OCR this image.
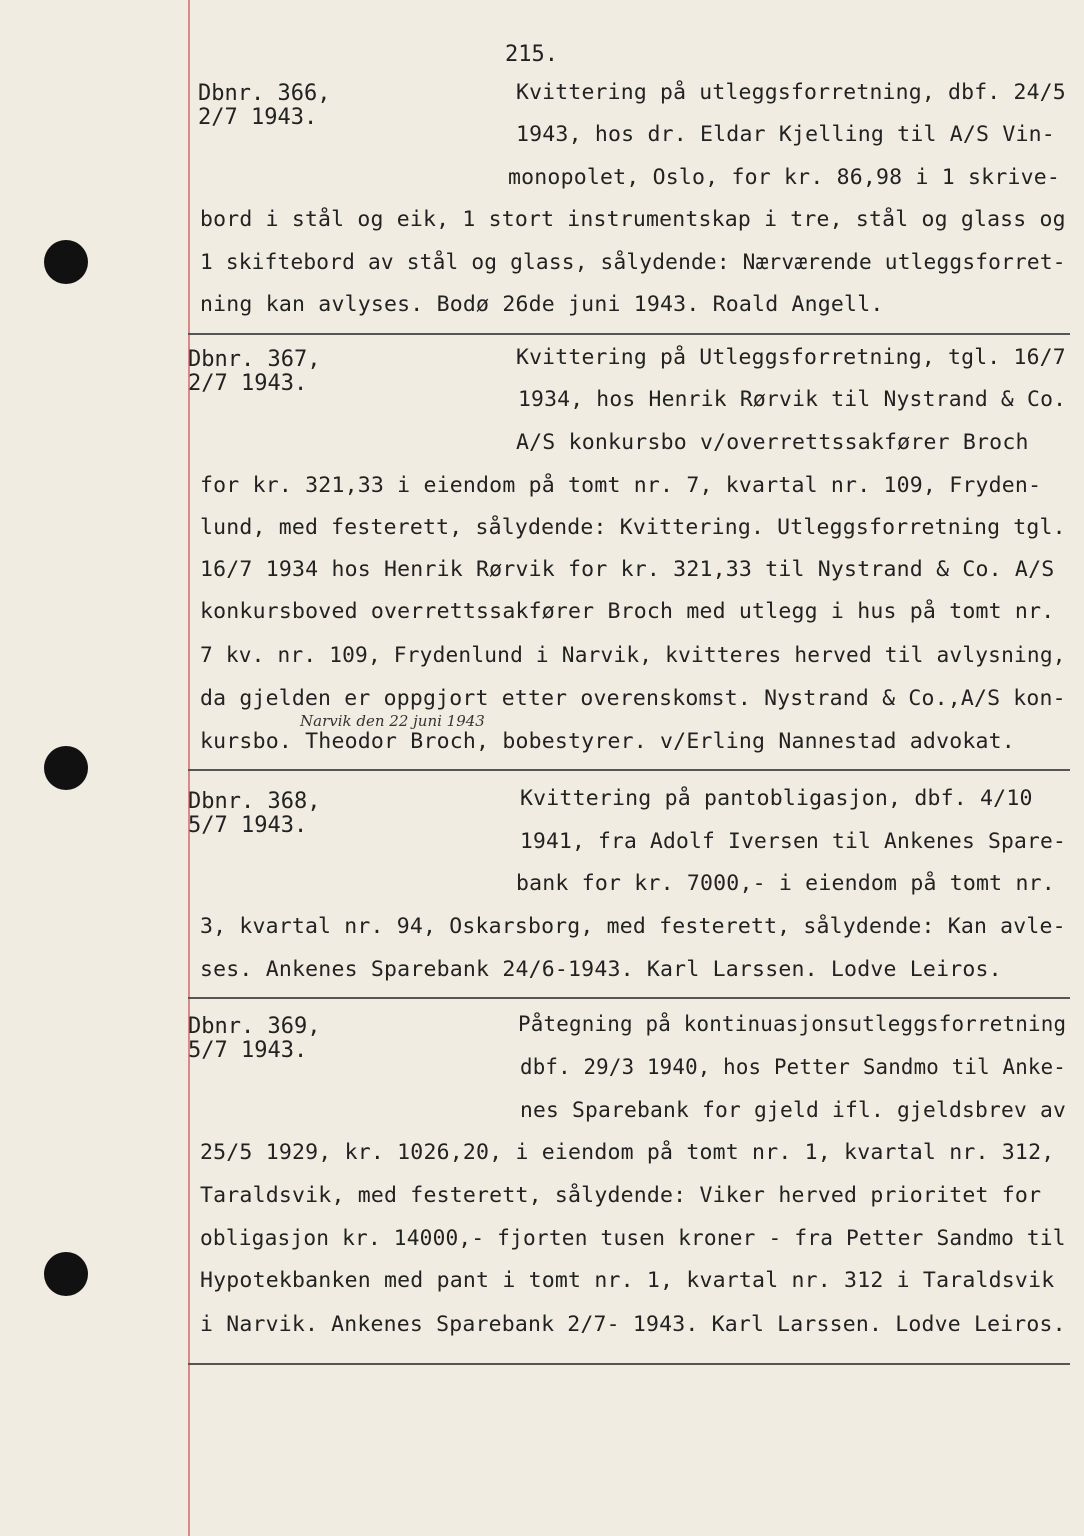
215.
Dbnr. 366,
2/7 1943.
Kvittering på utleggsforretning, dbf. 24/5
1943, hos dr. Eldar Kjelling til A/S Vin-
monopolet, Oslo, for kr. 86,98 i 1 skrive-
bord i stål og eik, 1 stort instrumentskap i tre, stål og glass og
1 skiftebord av stål og glass, sålydende: Nærværende utleggsforret-
ning kan avlyses. Bodø 26de juni 1943. Roald Angell.
Dbnr. 367,
2/7 1943.
Kvittering på Utleggsforretning, tgl. 16/7
1934, hos Henrik Rørvik til Nystrand & Co.
A/S konkursbo v/overrettssakfører Broch
for kr. 321,33 i eiendom på tomt nr. 7, kvartal nr. 109, Fryden-
lund, med festerett, sålydende: Kvittering. Utleggsforretning tgl.
16/7 1934 hos Henrik Rørvik for kr. 321,33 til Nystrand & Co. A/S
konkursboved overrettssakfører Broch med utlegg i hus på tomt nr.
7 kv. nr. 109, Frydenlund i Narvik, kvitteres herved til avlysning,
Narvik den 22 juni 1943
da gjelden er oppgjort etter overenskomst. Nystrand & Co.,A/S kon-
kursbo. Theodor Broch, bobestyrer. v/Erling Nannestad advokat.
Dbnr. 368,
5/7 1943.
Kvittering på pantobligasjon, dbf. 4/10
1941, fra Adolf Iversen til Ankenes Spare-
bank for kr. 7000,- i eiendom på tomt nr.
3, kvartal nr. 94, Oskarsborg, med festerett, sålydende: Kan avle-
ses. Ankenes Sparebank 24/6-1943. Karl Larssen. Lodve Leiros.
Dbnr. 369,
5/7 1943.
Påtegning på kontinuasjonsutleggsforretning
dbf. 29/3 1940, hos Petter Sandmo til Anke-
nes Sparebank for gjeld ifl. gjeldsbrev av
25/5 1929, kr. 1026,20, i eiendom på tomt nr. 1, kvartal nr. 312,
Taraldsvik, med festerett, sålydende: Viker herved prioritet for
obligasjon kr. 14000,- fjorten tusen kroner - fra Petter Sandmo til
Hypotekbanken med pant i tomt nr. 1, kvartal nr. 312 i Taraldsvik
i Narvik. Ankenes Sparebank 2/7- 1943. Karl Larssen. Lodve Leiros.
